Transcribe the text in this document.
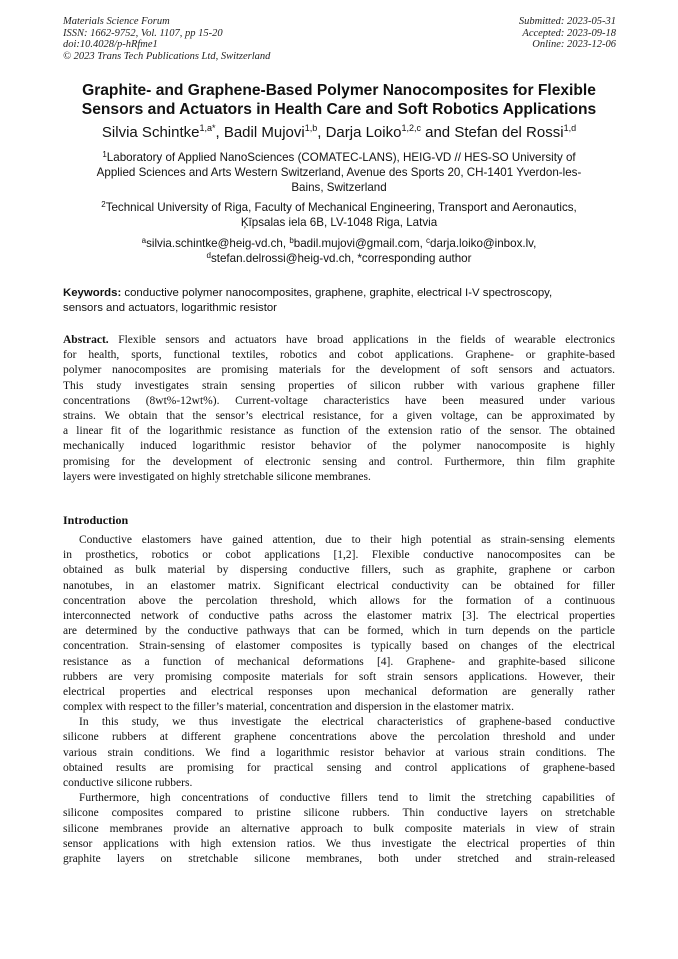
Materials Science Forum
ISSN: 1662-9752, Vol. 1107, pp 15-20
doi:10.4028/p-hRfme1
© 2023 Trans Tech Publications Ltd, Switzerland
Submitted: 2023-05-31
Accepted: 2023-09-18
Online: 2023-12-06
Graphite- and Graphene-Based Polymer Nanocomposites for Flexible
Sensors and Actuators in Health Care and Soft Robotics Applications
Silvia Schintke$^{1,a*}$, Badil Mujovi$^{1,b}$, Darja Loiko$^{1,2,c}$ and Stefan del Rossi$^{1,d}$
$^1$Laboratory of Applied NanoSciences (COMATEC-LANS), HEIG-VD // HES-SO University of
Applied Sciences and Arts Western Switzerland, Avenue des Sports 20, CH-1401 Yverdon-les-
Bains, Switzerland
$^2$Technical University of Riga, Faculty of Mechanical Engineering, Transport and Aeronautics,
Ķīpsalas iela 6B, LV-1048 Riga, Latvia
$^a$silvia.schintke@heig-vd.ch, $^b$badil.mujovi@gmail.com, $^c$darja.loiko@inbox.lv,
$^d$stefan.delrossi@heig-vd.ch, *corresponding author
Keywords: conductive polymer nanocomposites, graphene, graphite, electrical I-V spectroscopy,
sensors and actuators, logarithmic resistor
Abstract. Flexible sensors and actuators have broad applications in the fields of wearable electronics
for health, sports, functional textiles, robotics and cobot applications. Graphene- or graphite-based
polymer nanocomposites are promising materials for the development of soft sensors and actuators.
This study investigates strain sensing properties of silicon rubber with various graphene filler
concentrations (8wt%-12wt%). Current-voltage characteristics have been measured under various
strains. We obtain that the sensor’s electrical resistance, for a given voltage, can be approximated by
a linear fit of the logarithmic resistance as function of the extension ratio of the sensor. The obtained
mechanically induced logarithmic resistor behavior of the polymer nanocomposite is highly
promising for the development of electronic sensing and control. Furthermore, thin film graphite
layers were investigated on highly stretchable silicone membranes.
Introduction
Conductive elastomers have gained attention, due to their high potential as strain-sensing elements
in prosthetics, robotics or cobot applications [1,2]. Flexible conductive nanocomposites can be
obtained as bulk material by dispersing conductive fillers, such as graphite, graphene or carbon
nanotubes, in an elastomer matrix. Significant electrical conductivity can be obtained for filler
concentration above the percolation threshold, which allows for the formation of a continuous
interconnected network of conductive paths across the elastomer matrix [3]. The electrical properties
are determined by the conductive pathways that can be formed, which in turn depends on the particle
concentration. Strain-sensing of elastomer composites is typically based on changes of the electrical
resistance as a function of mechanical deformations [4]. Graphene- and graphite-based silicone
rubbers are very promising composite materials for soft strain sensors applications. However, their
electrical properties and electrical responses upon mechanical deformation are generally rather
complex with respect to the filler’s material, concentration and dispersion in the elastomer matrix.
In this study, we thus investigate the electrical characteristics of graphene-based conductive
silicone rubbers at different graphene concentrations above the percolation threshold and under
various strain conditions. We find a logarithmic resistor behavior at various strain conditions. The
obtained results are promising for practical sensing and control applications of graphene-based
conductive silicone rubbers.
Furthermore, high concentrations of conductive fillers tend to limit the stretching capabilities of
silicone composites compared to pristine silicone rubbers. Thin conductive layers on stretchable
silicone membranes provide an alternative approach to bulk composite materials in view of strain
sensor applications with high extension ratios. We thus investigate the electrical properties of thin
graphite layers on stretchable silicone membranes, both under stretched and strain-released
